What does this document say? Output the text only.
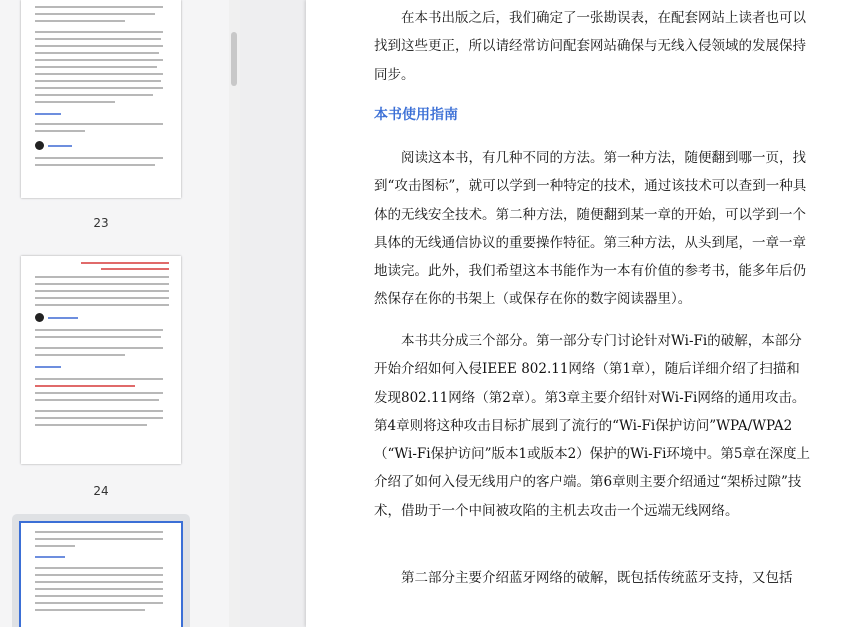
23
24

　　在本书出版之后，我们确定了一张勘误表，在配套网站上读者也可以找到这些更正，所以请经常访问配套网站确保与无线入侵领域的发展保持同步。

本书使用指南

　　阅读这本书，有几种不同的方法。第一种方法，随便翻到哪一页，找到“攻击图标”，就可以学到一种特定的技术，通过该技术可以查到一种具体的无线安全技术。第二种方法，随便翻到某一章的开始，可以学到一个具体的无线通信协议的重要操作特征。第三种方法，从头到尾，一章一章地读完。此外，我们希望这本书能作为一本有价值的参考书，能多年后仍然保存在你的书架上（或保存在你的数字阅读器里）。

　　本书共分成三个部分。第一部分专门讨论针对Wi-Fi的破解，本部分开始介绍如何入侵IEEE 802.11网络（第1章），随后详细介绍了扫描和发现802.11网络（第2章）。第3章主要介绍针对Wi-Fi网络的通用攻击。第4章则将这种攻击目标扩展到了流行的“Wi-Fi保护访问”WPA/WPA2（“Wi-Fi保护访问”版本1或版本2）保护的Wi-Fi环境中。第5章在深度上介绍了如何入侵无线用户的客户端。第6章则主要介绍通过“架桥过隙”技术，借助于一个中间被攻陷的主机去攻击一个远端无线网络。

　　第二部分主要介绍蓝牙网络的破解，既包括传统蓝牙支持，又包括
